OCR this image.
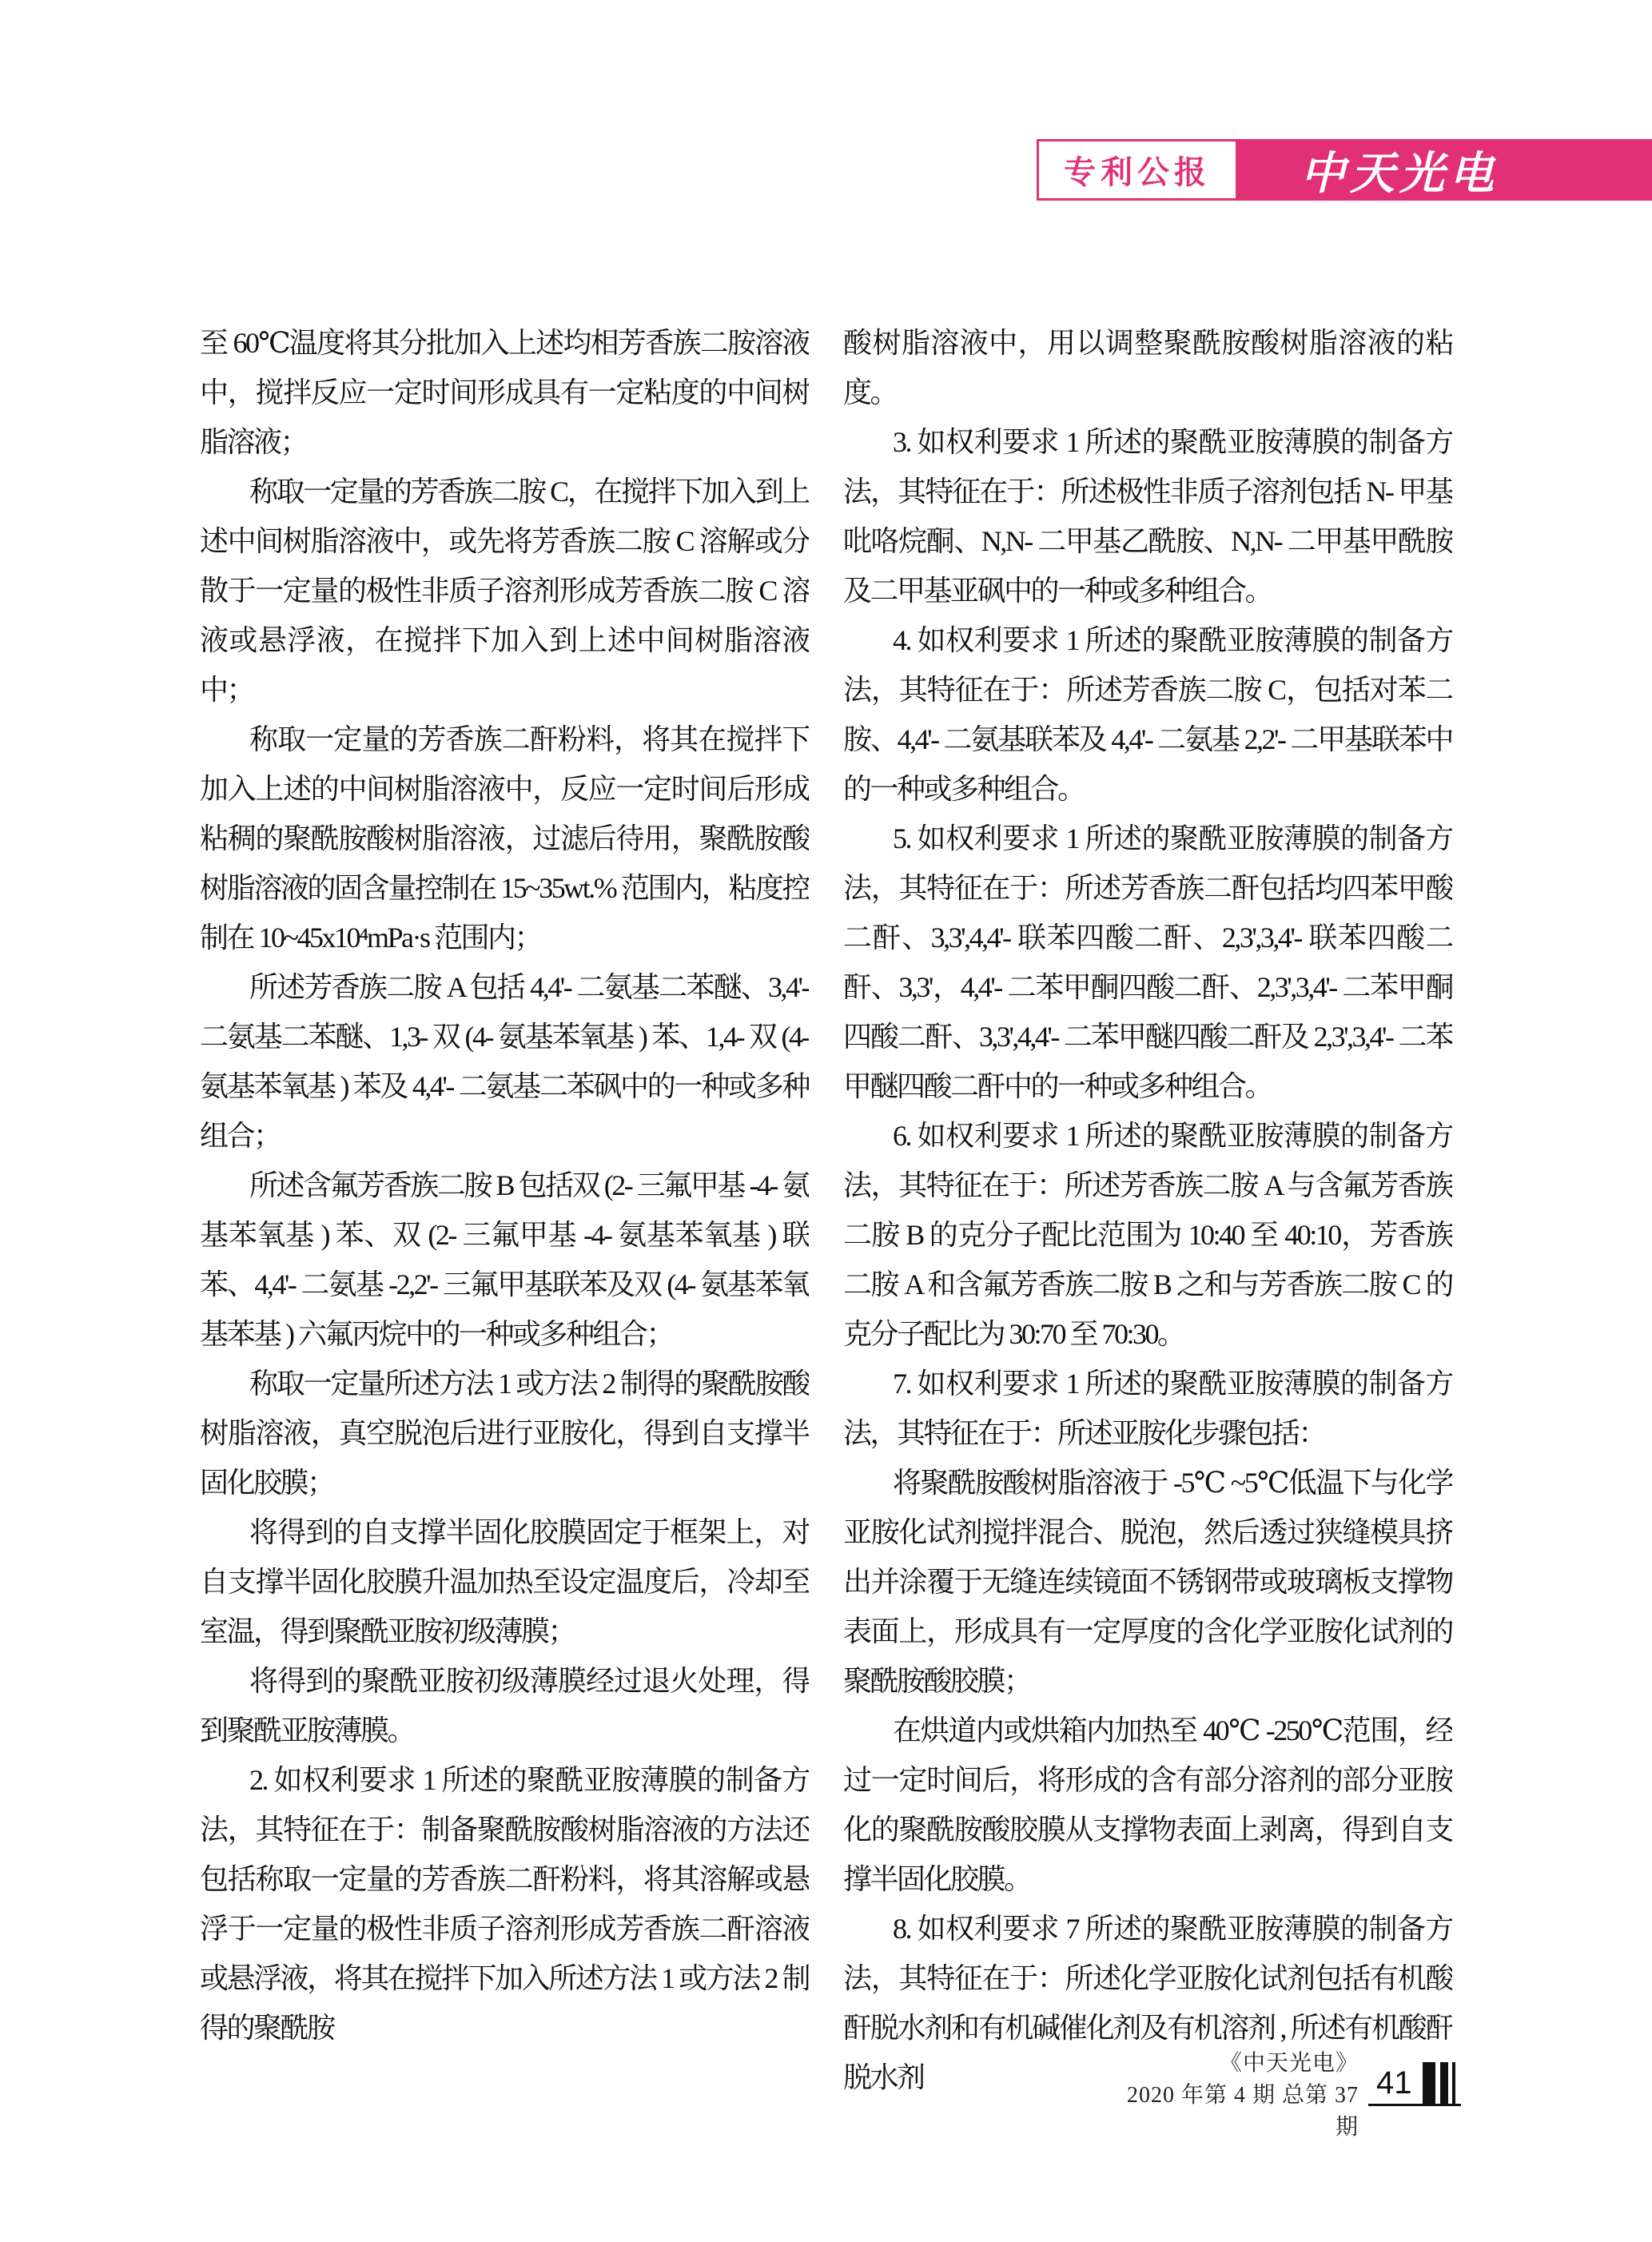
专利公报 中天光电
至 60℃温度将其分批加入上述均相芳香族二胺溶液中，搅拌反应一定时间形成具有一定粘度的中间树脂溶液；
称取一定量的芳香族二胺 C，在搅拌下加入到上述中间树脂溶液中，或先将芳香族二胺 C 溶解或分散于一定量的极性非质子溶剂形成芳香族二胺 C 溶液或悬浮液，在搅拌下加入到上述中间树脂溶液中；
称取一定量的芳香族二酐粉料，将其在搅拌下加入上述的中间树脂溶液中，反应一定时间后形成粘稠的聚酰胺酸树脂溶液，过滤后待用，聚酰胺酸树脂溶液的固含量控制在 15~35wt.% 范围内，粘度控制在 10~45x10⁴mPa·s 范围内；
所述芳香族二胺 A 包括 4,4'- 二氨基二苯醚、3,4'- 二氨基二苯醚、1,3- 双 (4- 氨基苯氧基 ) 苯、1,4- 双 (4- 氨基苯氧基 ) 苯及 4,4'- 二氨基二苯砜中的一种或多种组合；
所述含氟芳香族二胺 B 包括双 (2- 三氟甲基 -4- 氨基苯氧基 ) 苯、双 (2- 三氟甲基 -4- 氨基苯氧基 ) 联苯、4,4'- 二氨基 -2,2'- 三氟甲基联苯及双 (4- 氨基苯氧基苯基 ) 六氟丙烷中的一种或多种组合；
称取一定量所述方法 1 或方法 2 制得的聚酰胺酸树脂溶液，真空脱泡后进行亚胺化，得到自支撑半固化胶膜；
将得到的自支撑半固化胶膜固定于框架上，对自支撑半固化胶膜升温加热至设定温度后，冷却至室温，得到聚酰亚胺初级薄膜；
将得到的聚酰亚胺初级薄膜经过退火处理，得到聚酰亚胺薄膜。
2. 如权利要求 1 所述的聚酰亚胺薄膜的制备方法，其特征在于：制备聚酰胺酸树脂溶液的方法还包括称取一定量的芳香族二酐粉料，将其溶解或悬浮于一定量的极性非质子溶剂形成芳香族二酐溶液或悬浮液，将其在搅拌下加入所述方法 1 或方法 2 制得的聚酰胺
酸树脂溶液中，用以调整聚酰胺酸树脂溶液的粘度。
3. 如权利要求 1 所述的聚酰亚胺薄膜的制备方法，其特征在于：所述极性非质子溶剂包括 N- 甲基吡咯烷酮、N,N- 二甲基乙酰胺、N,N- 二甲基甲酰胺及二甲基亚砜中的一种或多种组合。
4. 如权利要求 1 所述的聚酰亚胺薄膜的制备方法，其特征在于：所述芳香族二胺 C，包括对苯二胺、4,4'- 二氨基联苯及 4,4'- 二氨基 2,2'- 二甲基联苯中的一种或多种组合。
5. 如权利要求 1 所述的聚酰亚胺薄膜的制备方法，其特征在于：所述芳香族二酐包括均四苯甲酸二酐、3,3',4,4'- 联苯四酸二酐、2,3',3,4'- 联苯四酸二酐、3,3'，4,4'- 二苯甲酮四酸二酐、2,3',3,4'- 二苯甲酮四酸二酐、3,3',4,4'- 二苯甲醚四酸二酐及 2,3',3,4'- 二苯甲醚四酸二酐中的一种或多种组合。
6. 如权利要求 1 所述的聚酰亚胺薄膜的制备方法，其特征在于：所述芳香族二胺 A 与含氟芳香族二胺 B 的克分子配比范围为 10:40 至 40:10，芳香族二胺 A 和含氟芳香族二胺 B 之和与芳香族二胺 C 的克分子配比为 30:70 至 70:30。
7. 如权利要求 1 所述的聚酰亚胺薄膜的制备方法，其特征在于：所述亚胺化步骤包括：
将聚酰胺酸树脂溶液于 -5℃ ~5℃低温下与化学亚胺化试剂搅拌混合、脱泡，然后透过狭缝模具挤出并涂覆于无缝连续镜面不锈钢带或玻璃板支撑物表面上，形成具有一定厚度的含化学亚胺化试剂的聚酰胺酸胶膜；
在烘道内或烘箱内加热至 40℃ -250℃范围，经过一定时间后，将形成的含有部分溶剂的部分亚胺化的聚酰胺酸胶膜从支撑物表面上剥离，得到自支撑半固化胶膜。
8. 如权利要求 7 所述的聚酰亚胺薄膜的制备方法，其特征在于：所述化学亚胺化试剂包括有机酸酐脱水剂和有机碱催化剂及有机溶剂 , 所述有机酸酐脱水剂	《中天光电》
2020 年第 4 期 总第 37 期
41
